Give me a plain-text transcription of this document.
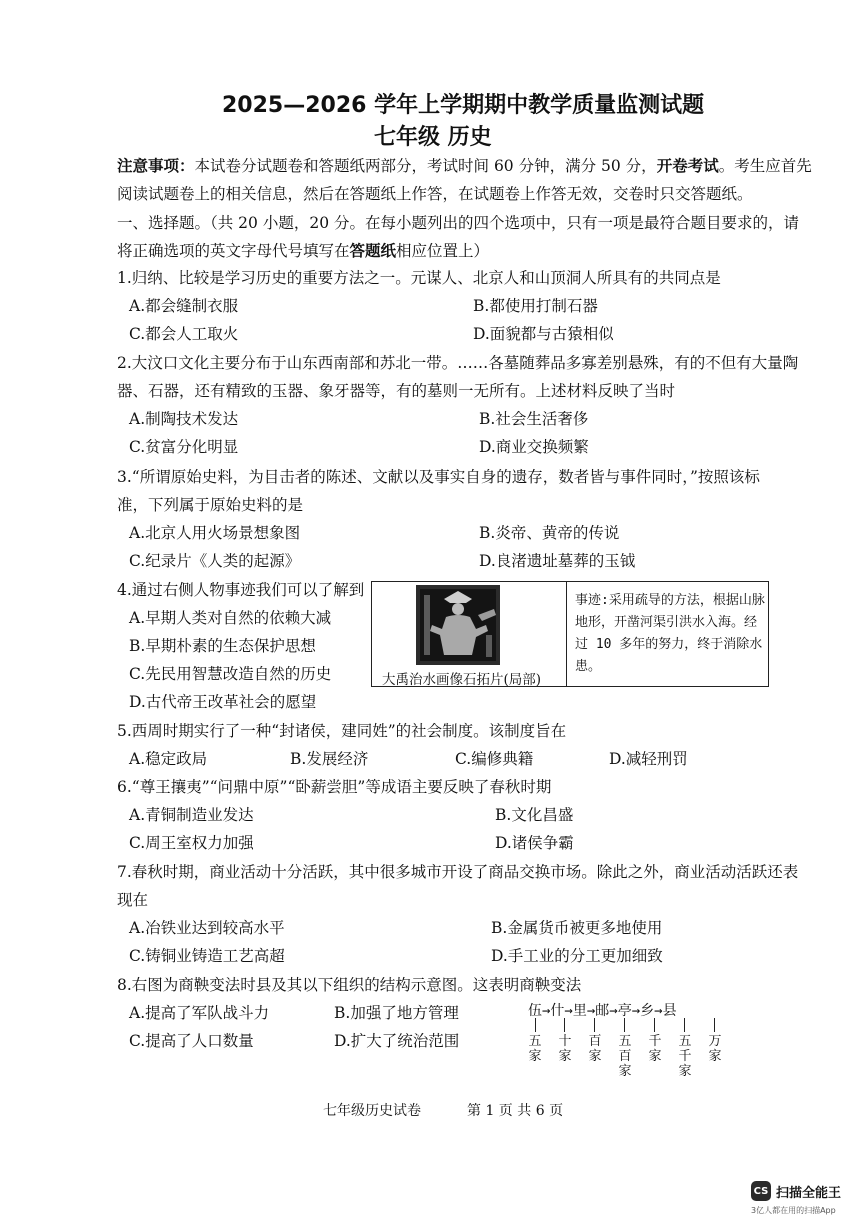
2025—2026 学年上学期期中教学质量监测试题
七年级 历史
注意事项：本试卷分试题卷和答题纸两部分，考试时间 60 分钟，满分 50 分，开卷考试。考生应首先
阅读试题卷上的相关信息，然后在答题纸上作答，在试题卷上作答无效，交卷时只交答题纸。
一、选择题。（共 20 小题，20 分。在每小题列出的四个选项中，只有一项是最符合题目要求的，请
将正确选项的英文字母代号填写在答题纸相应位置上）
1.归纳、比较是学习历史的重要方法之一。元谋人、北京人和山顶洞人所具有的共同点是
A.都会缝制衣服	B.都使用打制石器
C.都会人工取火	D.面貌都与古猿相似
2.大汶口文化主要分布于山东西南部和苏北一带。……各墓随葬品多寡差别悬殊，有的不但有大量陶
器、石器，还有精致的玉器、象牙器等，有的墓则一无所有。上述材料反映了当时
A.制陶技术发达	B.社会生活奢侈
C.贫富分化明显	D.商业交换频繁
3.“所谓原始史料，为目击者的陈述、文献以及事实自身的遗存，数者皆与事件同时，”按照该标
准，下列属于原始史料的是
A.北京人用火场景想象图	B.炎帝、黄帝的传说
C.纪录片《人类的起源》	D.良渚遗址墓葬的玉钺
4.通过右侧人物事迹我们可以了解到
A.早期人类对自然的依赖大减
B.早期朴素的生态保护思想
C.先民用智慧改造自然的历史
D.古代帝王改革社会的愿望
大禹治水画像石拓片(局部)
事迹:采用疏导的方法，根据山脉地形，开凿河渠引洪水入海。经过 10 多年的努力，终于消除水患。
5.西周时期实行了一种“封诸侯，建同姓”的社会制度。该制度旨在
A.稳定政局	B.发展经济	C.编修典籍	D.减轻刑罚
6.“尊王攘夷”“问鼎中原”“卧薪尝胆”等成语主要反映了春秋时期
A.青铜制造业发达	B.文化昌盛
C.周王室权力加强	D.诸侯争霸
7.春秋时期，商业活动十分活跃，其中很多城市开设了商品交换市场。除此之外，商业活动活跃还表
现在
A.冶铁业达到较高水平	B.金属货币被更多地使用
C.铸铜业铸造工艺高超	D.手工业的分工更加细致
8.右图为商鞅变法时县及其以下组织的结构示意图。这表明商鞅变法
A.提高了军队战斗力	B.加强了地方管理
C.提高了人口数量	D.扩大了统治范围
伍→什→里→邮→亭→乡→县
五家
十家
百家
五百家
千家
五千家
万家
七年级历史试卷	第 1 页 共 6 页
CS 扫描全能王
3亿人都在用的扫描App
